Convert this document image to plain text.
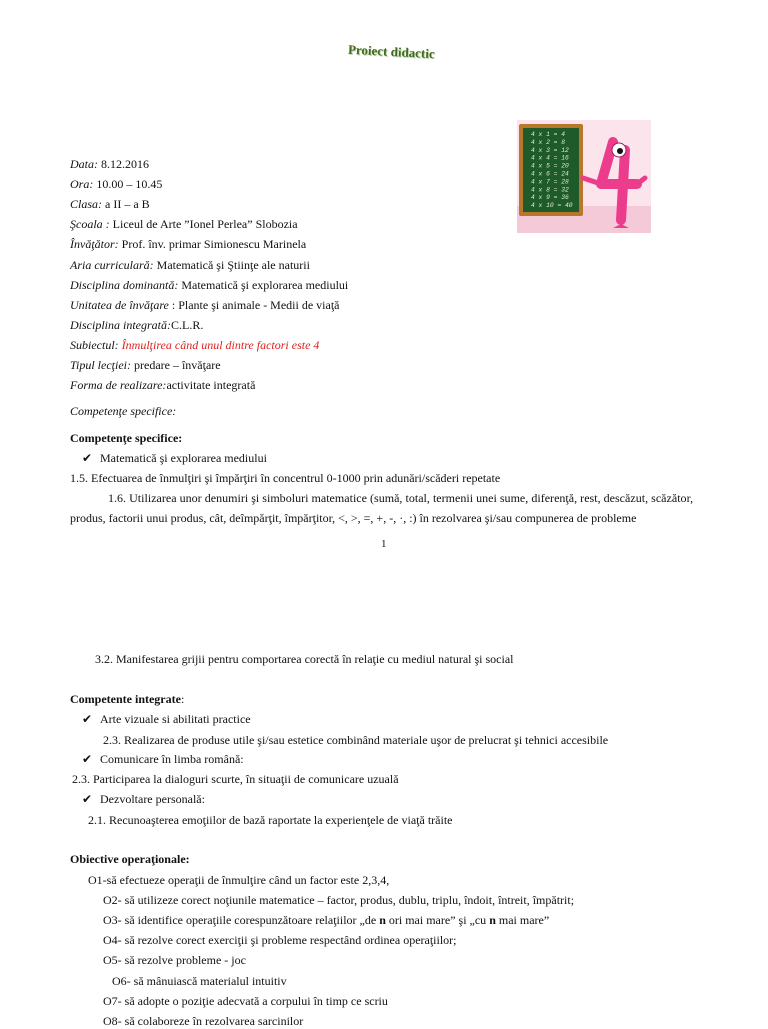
Proiect didactic
4 x 1 = 4
4 x 2 = 8
4 x 3 = 12
4 x 4 = 16
4 x 5 = 20
4 x 6 = 24
4 x 7 = 28
4 x 8 = 32
4 x 9 = 36
4 x 10 = 40
Data: 8.12.2016
Ora: 10.00 – 10.45
Clasa: a II – a B
Şcoala : Liceul de Arte ”Ionel Perlea” Slobozia
Învăţător: Prof. înv. primar Simionescu Marinela
Aria curriculară: Matematică şi Ştiinţe ale naturii
Disciplina dominantă: Matematică şi explorarea mediului
Unitatea de învăţare : Plante şi animale - Medii de viaţă
Disciplina integrată:C.L.R.
Subiectul: Înmulţirea când unul dintre factori este 4
Tipul lecţiei: predare – învăţare
Forma de realizare:activitate integrată
Competenţe specifice:
Competenţe specifice:
✔ Matematică şi explorarea mediului
1.5. Efectuarea de înmulţiri şi împărţiri în concentrul 0-1000 prin adunări/scăderi repetate
1.6. Utilizarea unor denumiri şi simboluri matematice (sumă, total, termenii unei sume, diferenţă, rest, descăzut, scăzător,
produs, factorii unui produs, cât, deîmpărţit, împărţitor, <, >, =, +, -, ·, :) în rezolvarea şi/sau compunerea de probleme
1
3.2. Manifestarea grijii pentru comportarea corectă în relaţie cu mediul natural şi social
Competente integrate:
✔ Arte vizuale si abilitati practice
2.3. Realizarea de produse utile şi/sau estetice combinând materiale uşor de prelucrat şi tehnici accesibile
✔ Comunicare în limba română:
2.3. Participarea la dialoguri scurte, în situaţii de comunicare uzuală
✔ Dezvoltare personală:
2.1. Recunoaşterea emoţiilor de bază raportate la experienţele de viaţă trăite
Obiective operaţionale:
O1-să efectueze operaţii de înmulţire când un factor este 2,3,4,
O2- să utilizeze corect noţiunile matematice – factor, produs, dublu, triplu, îndoit, întreit, împătrit;
O3- să identifice operaţiile corespunzătoare relaţiilor „de n ori mai mare” şi „cu n mai mare”
O4- să rezolve corect exerciţii şi probleme respectând ordinea operaţiilor;
O5- să rezolve probleme - joc
O6- să mânuiască materialul intuitiv
O7- să adopte o poziţie adecvată a corpului în timp ce scriu
O8- să colaboreze în rezolvarea sarcinilor
